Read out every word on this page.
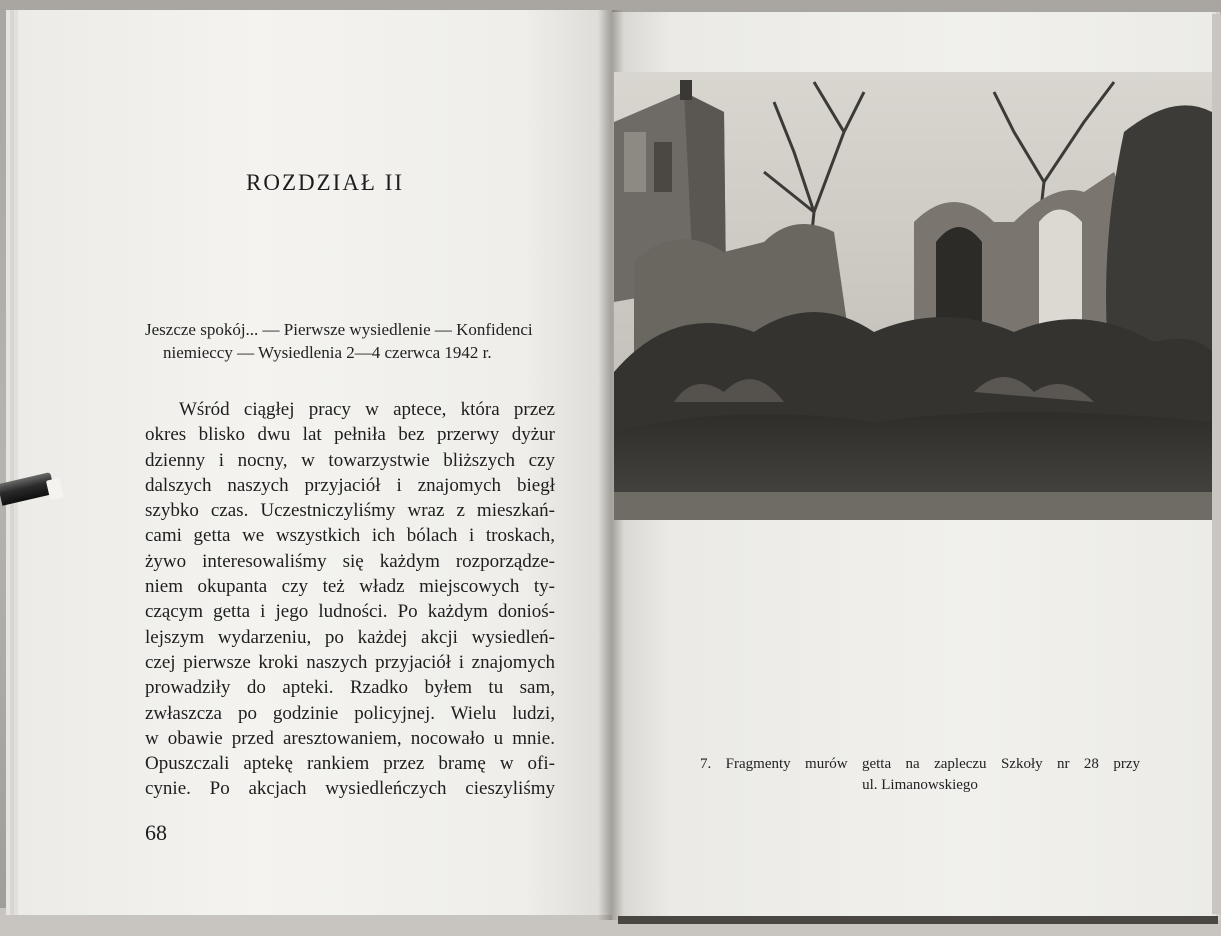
ROZDZIAŁ II
Jeszcze spokój... — Pierwsze wysiedlenie — Konfidenci
niemieccy — Wysiedlenia 2—4 czerwca 1942 r.
Wśród ciągłej pracy w aptece, która przez
okres blisko dwu lat pełniła bez przerwy dyżur
dzienny i nocny, w towarzystwie bliższych czy
dalszych naszych przyjaciół i znajomych biegł
szybko czas. Uczestniczyliśmy wraz z mieszkań-
cami getta we wszystkich ich bólach i troskach,
żywo interesowaliśmy się każdym rozporządze-
niem okupanta czy też władz miejscowych ty-
czącym getta i jego ludności. Po każdym donioś-
lejszym wydarzeniu, po każdej akcji wysiedleń-
czej pierwsze kroki naszych przyjaciół i znajomych
prowadziły do apteki. Rzadko byłem tu sam,
zwłaszcza po godzinie policyjnej. Wielu ludzi,
w obawie przed aresztowaniem, nocowało u mnie.
Opuszczali aptekę rankiem przez bramę w ofi-
cynie. Po akcjach wysiedleńczych cieszyliśmy
68
7. Fragmenty murów getta na zapleczu Szkoły nr 28 przy
ul. Limanowskiego
